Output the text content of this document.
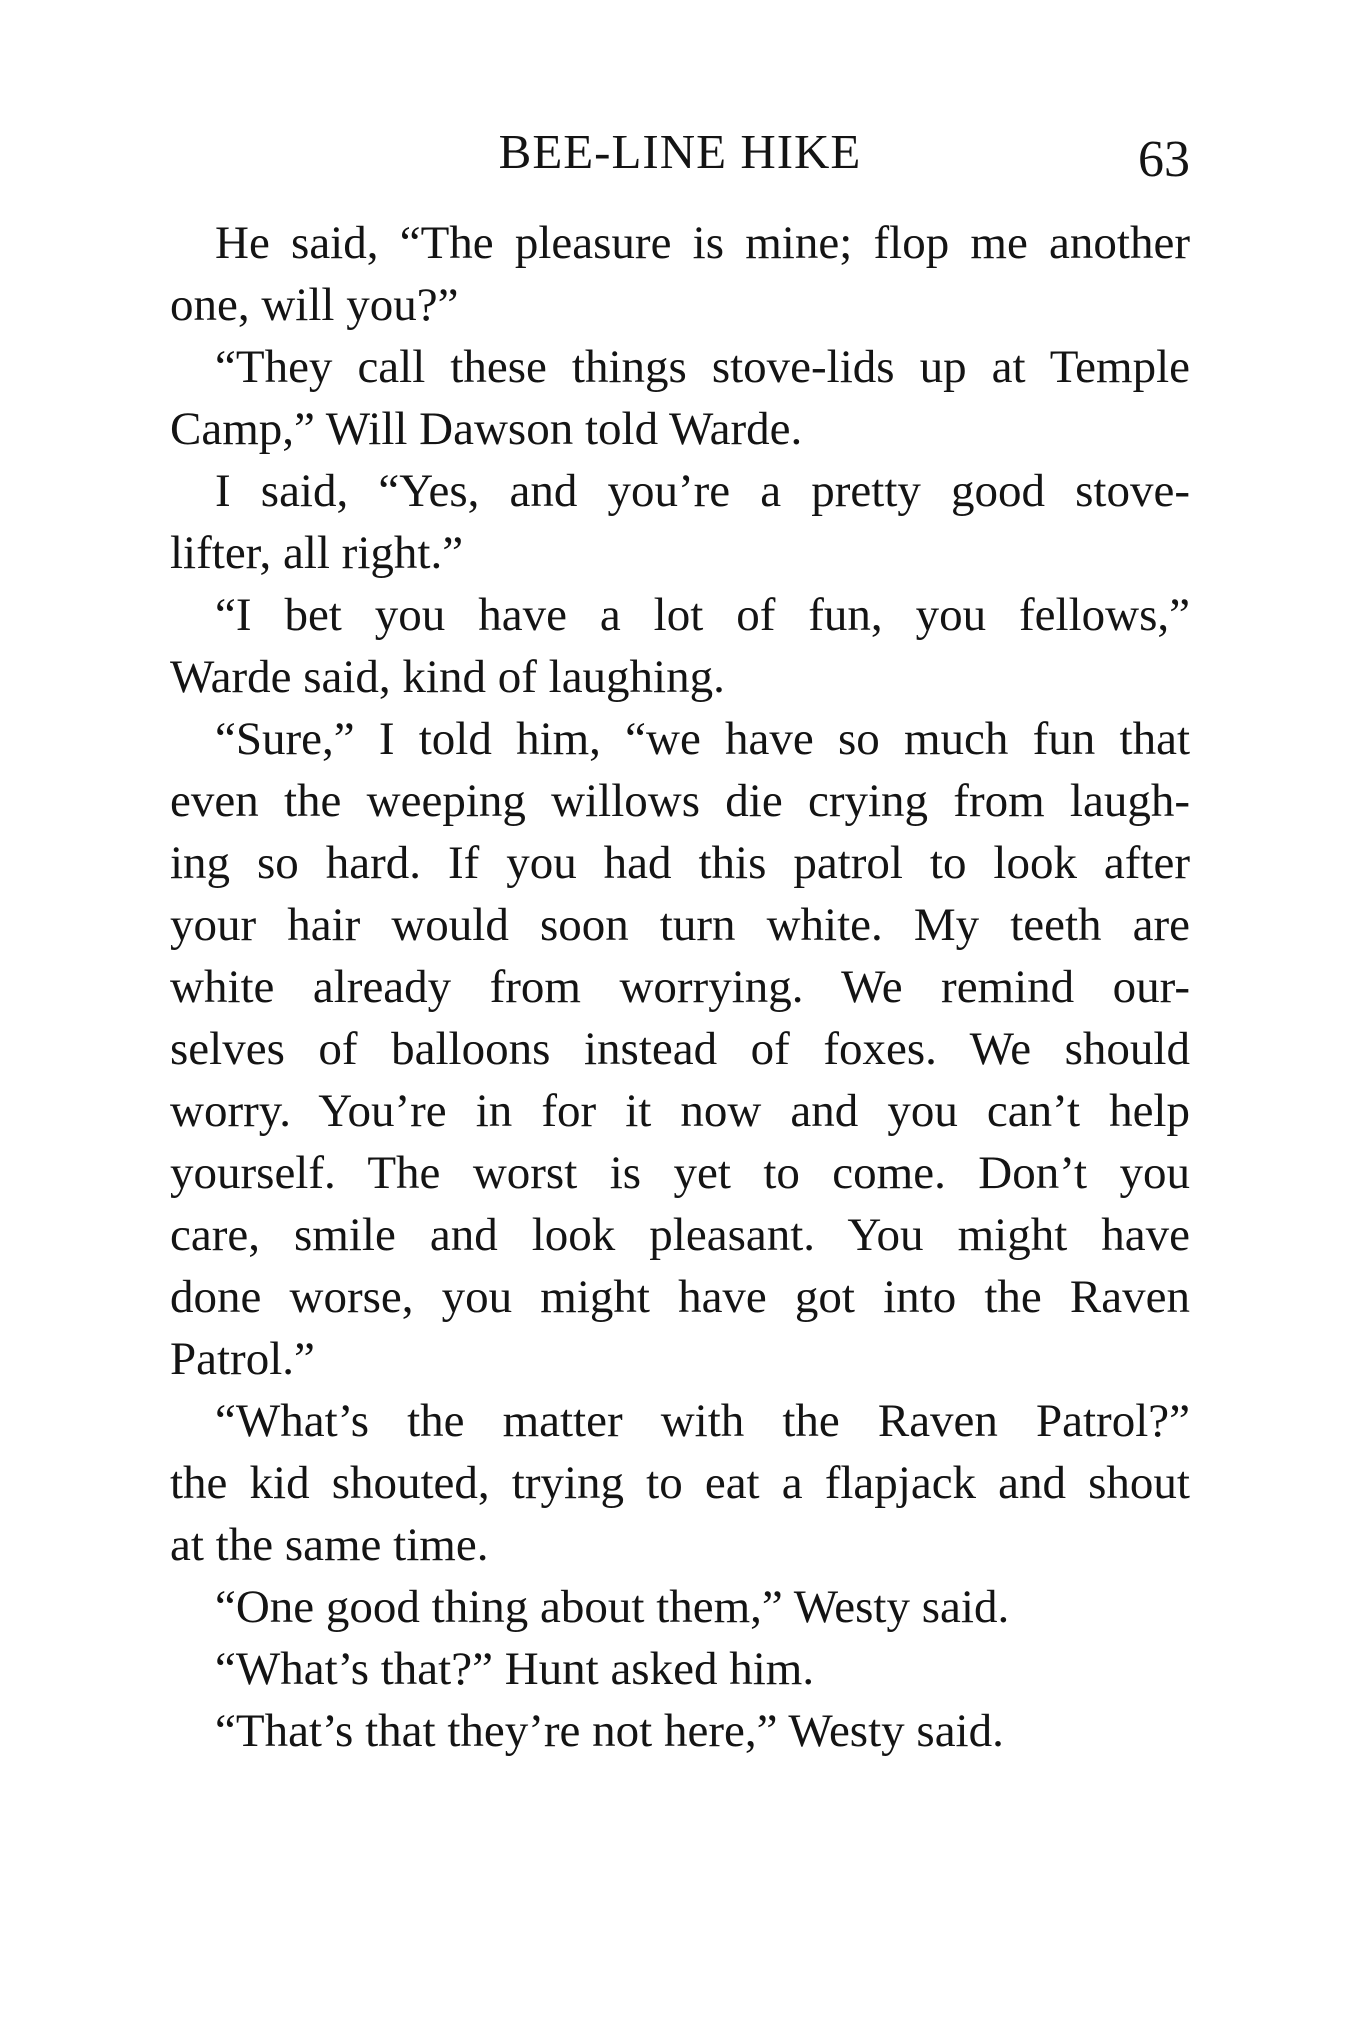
BEE-LINE HIKE	63
He said, “The pleasure is mine; flop me another
one, will you?”
“They call these things stove-lids up at Temple
Camp,” Will Dawson told Warde.
I said, “Yes, and you’re a pretty good stove-
lifter, all right.”
“I bet you have a lot of fun, you fellows,”
Warde said, kind of laughing.
“Sure,” I told him, “we have so much fun that
even the weeping willows die crying from laugh-
ing so hard. If you had this patrol to look after
your hair would soon turn white. My teeth are
white already from worrying. We remind our-
selves of balloons instead of foxes. We should
worry. You’re in for it now and you can’t help
yourself. The worst is yet to come. Don’t you
care, smile and look pleasant. You might have
done worse, you might have got into the Raven
Patrol.”
“What’s the matter with the Raven Patrol?”
the kid shouted, trying to eat a flapjack and shout
at the same time.
“One good thing about them,” Westy said.
“What’s that?” Hunt asked him.
“That’s that they’re not here,” Westy said.
